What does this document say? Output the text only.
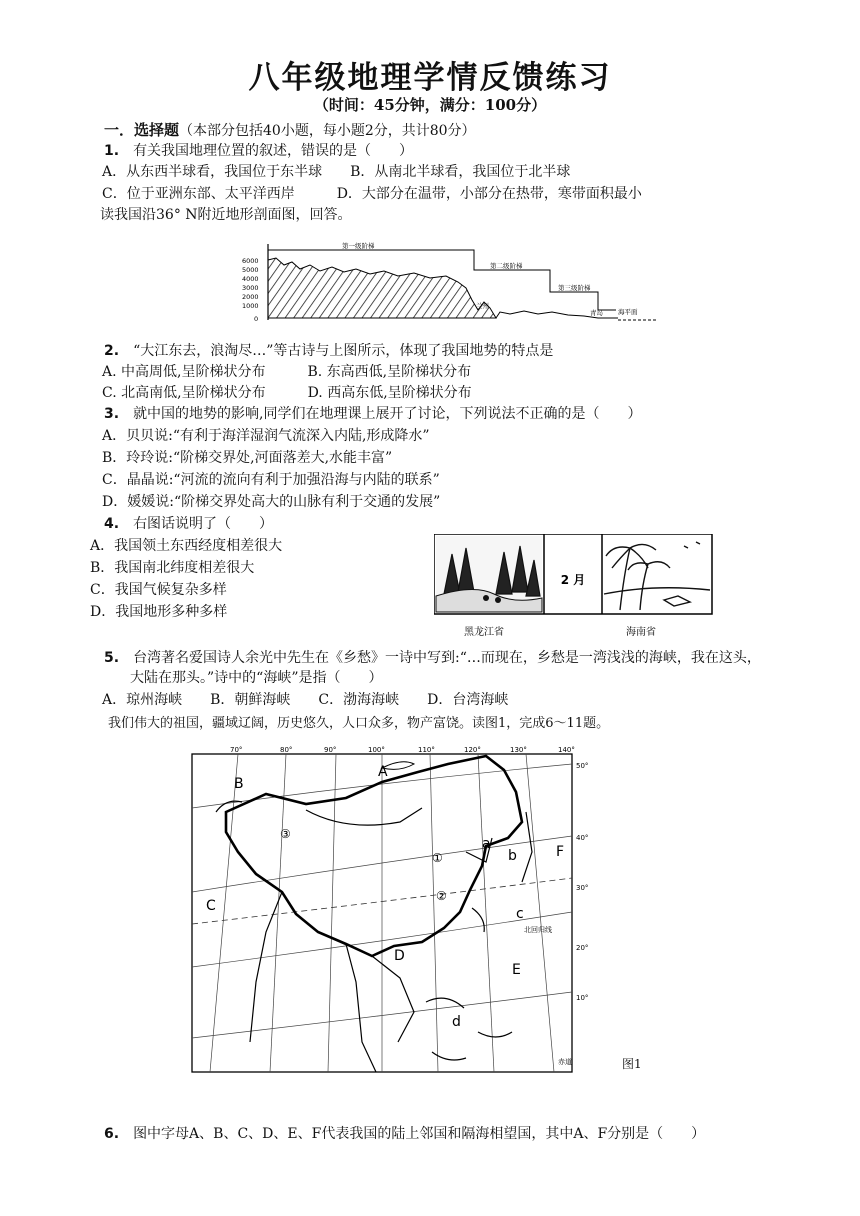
八年级地理学情反馈练习
（时间：45分钟，满分：100分）
一．选择题（本部分包括40小题，每小题2分，共计80分）
1. 有关我国地理位置的叙述，错误的是（　　）
A．从东西半球看，我国位于东半球　　B．从南北半球看，我国位于北半球
C．位于亚洲东部、太平洋西岸　　　D．大部分在温带，小部分在热带，寒带面积最小
读我国沿36° N附近地形剖面图，回答。
6000
5000
4000
3000
2000
1000
0
第一级阶梯
第二级阶梯
第三级阶梯
兰州
青岛 海平面
2. “大江东去，浪淘尽…”等古诗与上图所示，体现了我国地势的特点是
A. 中高周低,呈阶梯状分布　　　B. 东高西低,呈阶梯状分布
C. 北高南低,呈阶梯状分布　　　D. 西高东低,呈阶梯状分布
3. 就中国的地势的影响,同学们在地理课上展开了讨论，下列说法不正确的是（　　）
A．贝贝说:“有利于海洋湿润气流深入内陆,形成降水”
B．玲玲说:“阶梯交界处,河面落差大,水能丰富”
C．晶晶说:“河流的流向有利于加强沿海与内陆的联系”
D．媛媛说:“阶梯交界处高大的山脉有利于交通的发展”
4. 右图话说明了（　　）
A．我国领土东西经度相差很大
B．我国南北纬度相差很大
C．我国气候复杂多样
D．我国地形多种多样
2 月
黑龙江省	海南省
5. 台湾著名爱国诗人余光中先生在《乡愁》一诗中写到:“…而现在，乡愁是一湾浅浅的海峡，我在这头，
大陆在那头。”诗中的“海峡”是指（　　）
A．琼州海峡　　B．朝鲜海峡　　C．渤海海峡　　D．台湾海峡
我们伟大的祖国，疆域辽阔，历史悠久，人口众多，物产富饶。读图1，完成6～11题。
70°	80°	90°	100°	110°	120°	130°	140°
50°
40°
30°
20°
10°
北回归线
赤道
A
B
C
D
E
F
a
b
c
d
①
②
③
图1
6. 图中字母A、B、C、D、E、F代表我国的陆上邻国和隔海相望国，其中A、F分别是（　　）
